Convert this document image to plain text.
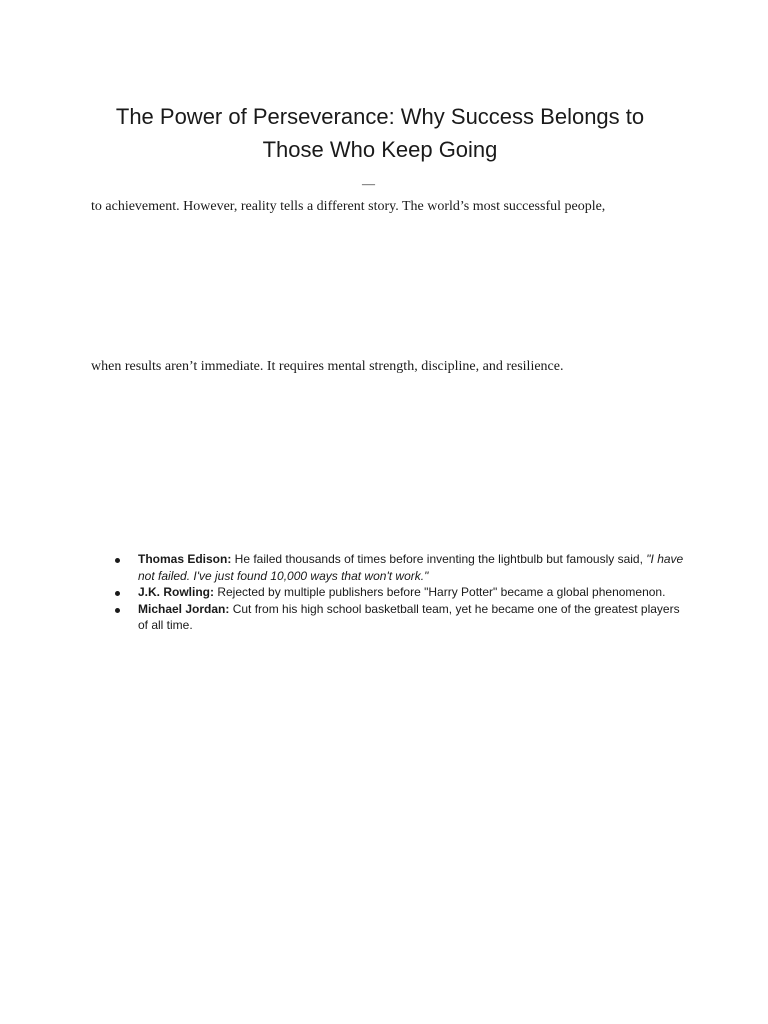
The Power of Perseverance: Why Success Belongs to
Those Who Keep Going
—
to achievement. However, reality tells a different story. The world’s most successful people,
when results aren’t immediate. It requires mental strength, discipline, and resilience.
Thomas Edison: He failed thousands of times before inventing the lightbulb but famously said, "I have not failed. I've just found 10,000 ways that won't work."
J.K. Rowling: Rejected by multiple publishers before "Harry Potter" became a global phenomenon.
Michael Jordan: Cut from his high school basketball team, yet he became one of the greatest players of all time.
